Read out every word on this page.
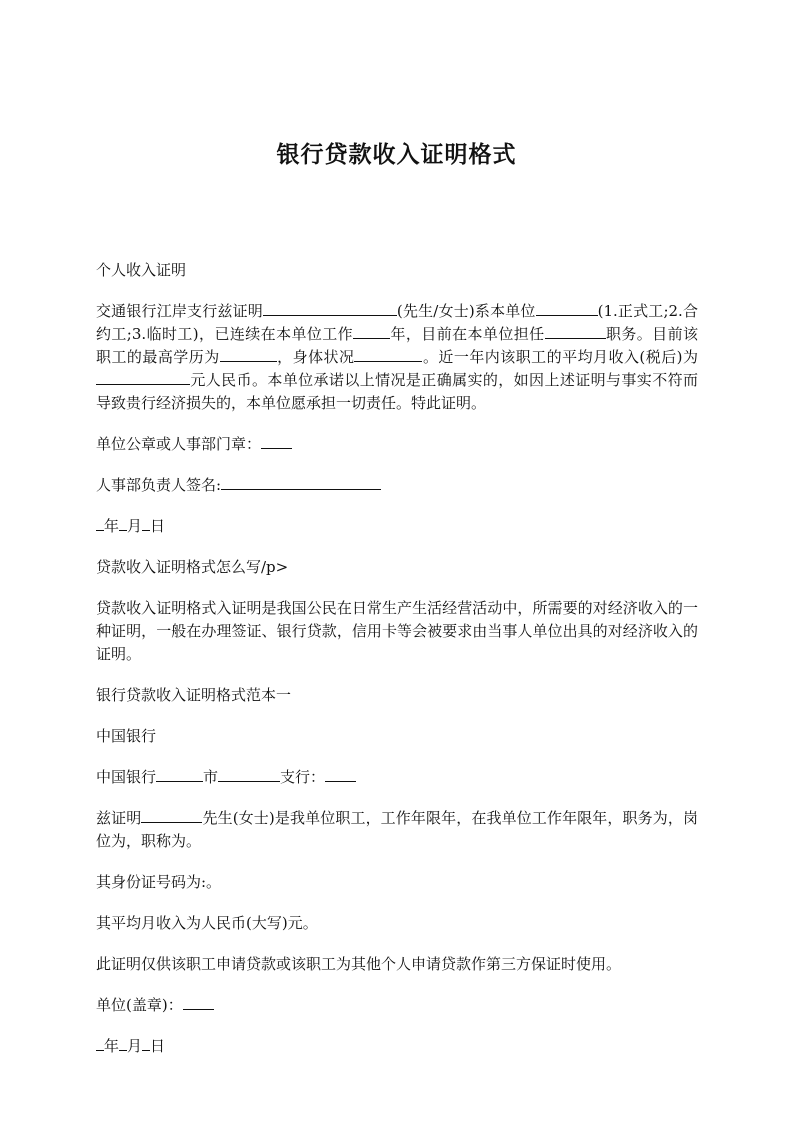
银行贷款收入证明格式

个人收入证明

交通银行江岸支行兹证明	(先生/女士)系本单位	(1.正式工;2.合约工;3.临时工)，已连续在本单位工作 年，目前在本单位担任	职务。目前该职工的最高学历为	，身体状况	。近一年内该职工的平均月收入(税后)为元人民币。本单位承诺以上情况是正确属实的，如因上述证明与事实不符而导致贵行经济损失的，本单位愿承担一切责任。特此证明。

单位公章或人事部门章：

人事部负责人签名:

年 月 日

贷款收入证明格式怎么写/p>

贷款收入证明格式入证明是我国公民在日常生产生活经营活动中，所需要的对经济收入的一种证明，一般在办理签证、银行贷款，信用卡等会被要求由当事人单位出具的对经济收入的证明。

银行贷款收入证明格式范本一

中国银行

中国银行	市	支行：

兹证明	先生(女士)是我单位职工，工作年限年，在我单位工作年限年，职务为，岗位为，职称为。

其身份证号码为:。

其平均月收入为人民币(大写)元。

此证明仅供该职工申请贷款或该职工为其他个人申请贷款作第三方保证时使用。

单位(盖章)：

年 月 日
